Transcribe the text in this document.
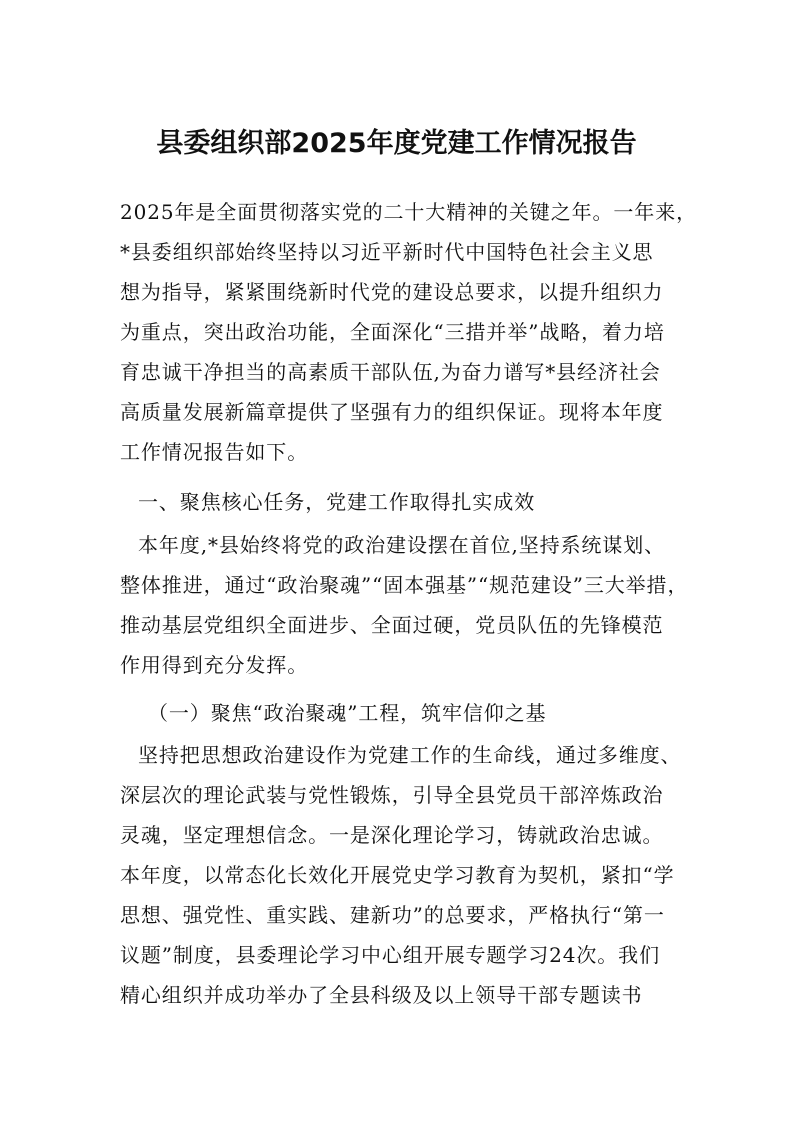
县委组织部2025年度党建工作情况报告
2025年是全面贯彻落实党的二十大精神的关键之年。一年来，
*县委组织部始终坚持以习近平新时代中国特色社会主义思
想为指导，紧紧围绕新时代党的建设总要求，以提升组织力
为重点，突出政治功能，全面深化“三措并举”战略，着力培
育忠诚干净担当的高素质干部队伍,为奋力谱写*县经济社会
高质量发展新篇章提供了坚强有力的组织保证。现将本年度
工作情况报告如下。
一、聚焦核心任务，党建工作取得扎实成效
本年度,*县始终将党的政治建设摆在首位,坚持系统谋划、
整体推进，通过“政治聚魂”“固本强基”“规范建设”三大举措，
推动基层党组织全面进步、全面过硬，党员队伍的先锋模范
作用得到充分发挥。
（一）聚焦“政治聚魂”工程，筑牢信仰之基
坚持把思想政治建设作为党建工作的生命线，通过多维度、
深层次的理论武装与党性锻炼，引导全县党员干部淬炼政治
灵魂，坚定理想信念。一是深化理论学习，铸就政治忠诚。
本年度，以常态化长效化开展党史学习教育为契机，紧扣“学
思想、强党性、重实践、建新功”的总要求，严格执行“第一
议题”制度，县委理论学习中心组开展专题学习24次。我们
精心组织并成功举办了全县科级及以上领导干部专题读书
